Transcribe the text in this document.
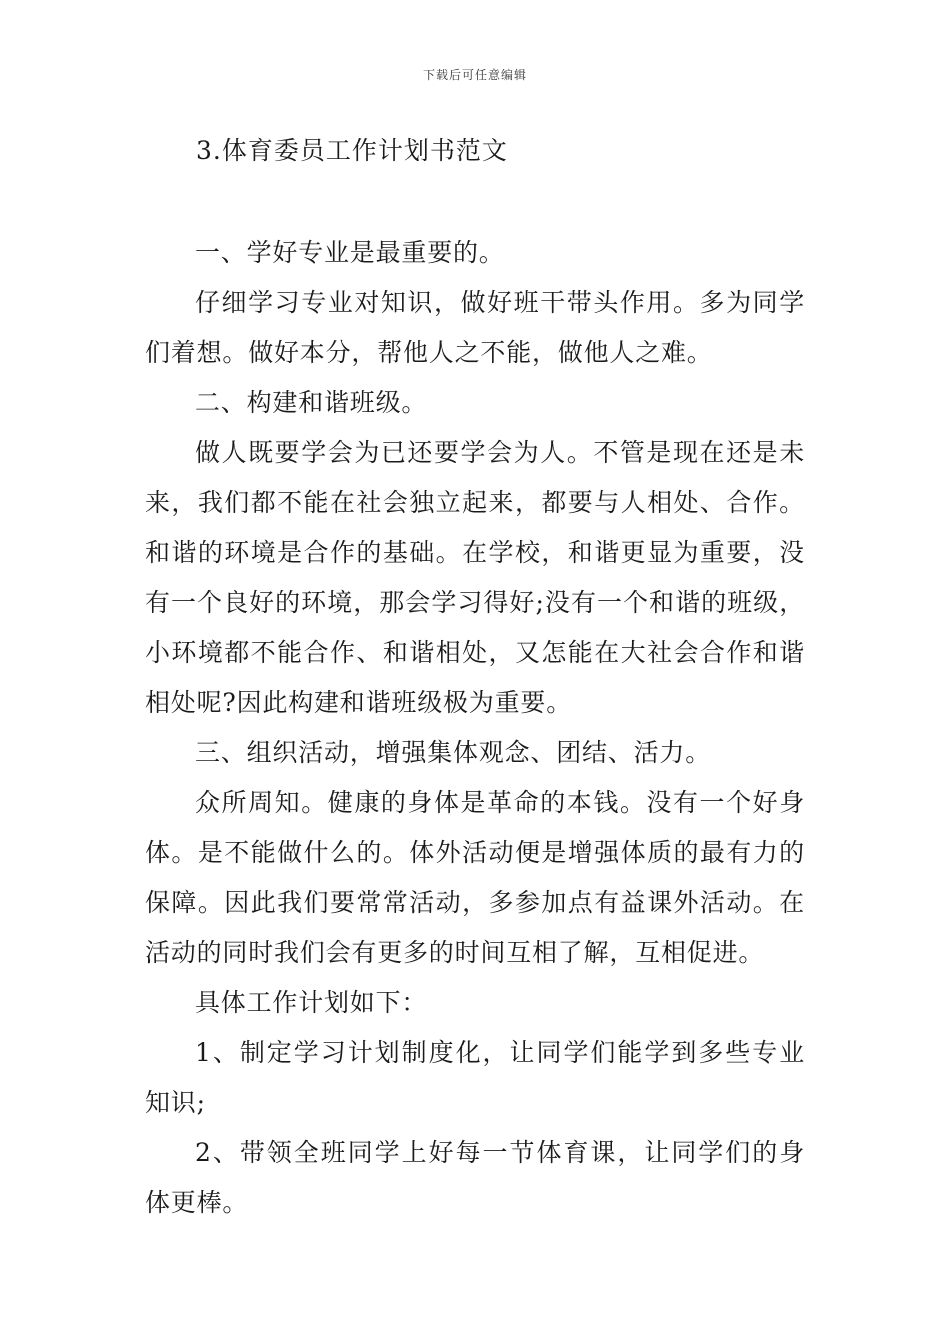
下载后可任意编辑
3.体育委员工作计划书范文

一、学好专业是最重要的。

仔细学习专业对知识，做好班干带头作用。多为同学们着想。做好本分，帮他人之不能，做他人之难。

二、构建和谐班级。

做人既要学会为已还要学会为人。不管是现在还是未来，我们都不能在社会独立起来，都要与人相处、合作。和谐的环境是合作的基础。在学校，和谐更显为重要，没有一个良好的环境，那会学习得好;没有一个和谐的班级，小环境都不能合作、和谐相处，又怎能在大社会合作和谐相处呢?因此构建和谐班级极为重要。

三、组织活动，增强集体观念、团结、活力。

众所周知。健康的身体是革命的本钱。没有一个好身体。是不能做什么的。体外活动便是增强体质的最有力的保障。因此我们要常常活动，多参加点有益课外活动。在活动的同时我们会有更多的时间互相了解，互相促进。

具体工作计划如下：

1、制定学习计划制度化，让同学们能学到多些专业知识;

2、带领全班同学上好每一节体育课，让同学们的身体更棒。
